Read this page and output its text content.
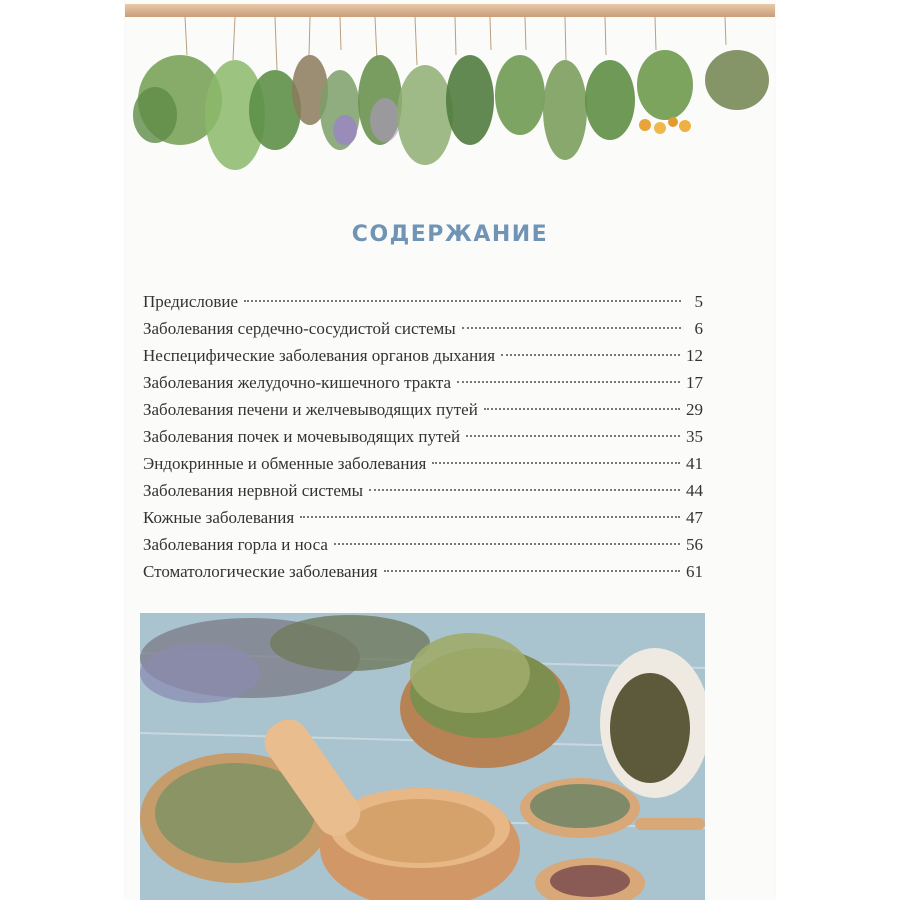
СОДЕРЖАНИЕ
Предисловие	5
Заболевания сердечно-сосудистой системы	6
Неспецифические заболевания органов дыхания	12
Заболевания желудочно-кишечного тракта	17
Заболевания печени и желчевыводящих путей	29
Заболевания почек и мочевыводящих путей	35
Эндокринные и обменные заболевания	41
Заболевания нервной системы	44
Кожные заболевания	47
Заболевания горла и носа	56
Стоматологические заболевания	61
